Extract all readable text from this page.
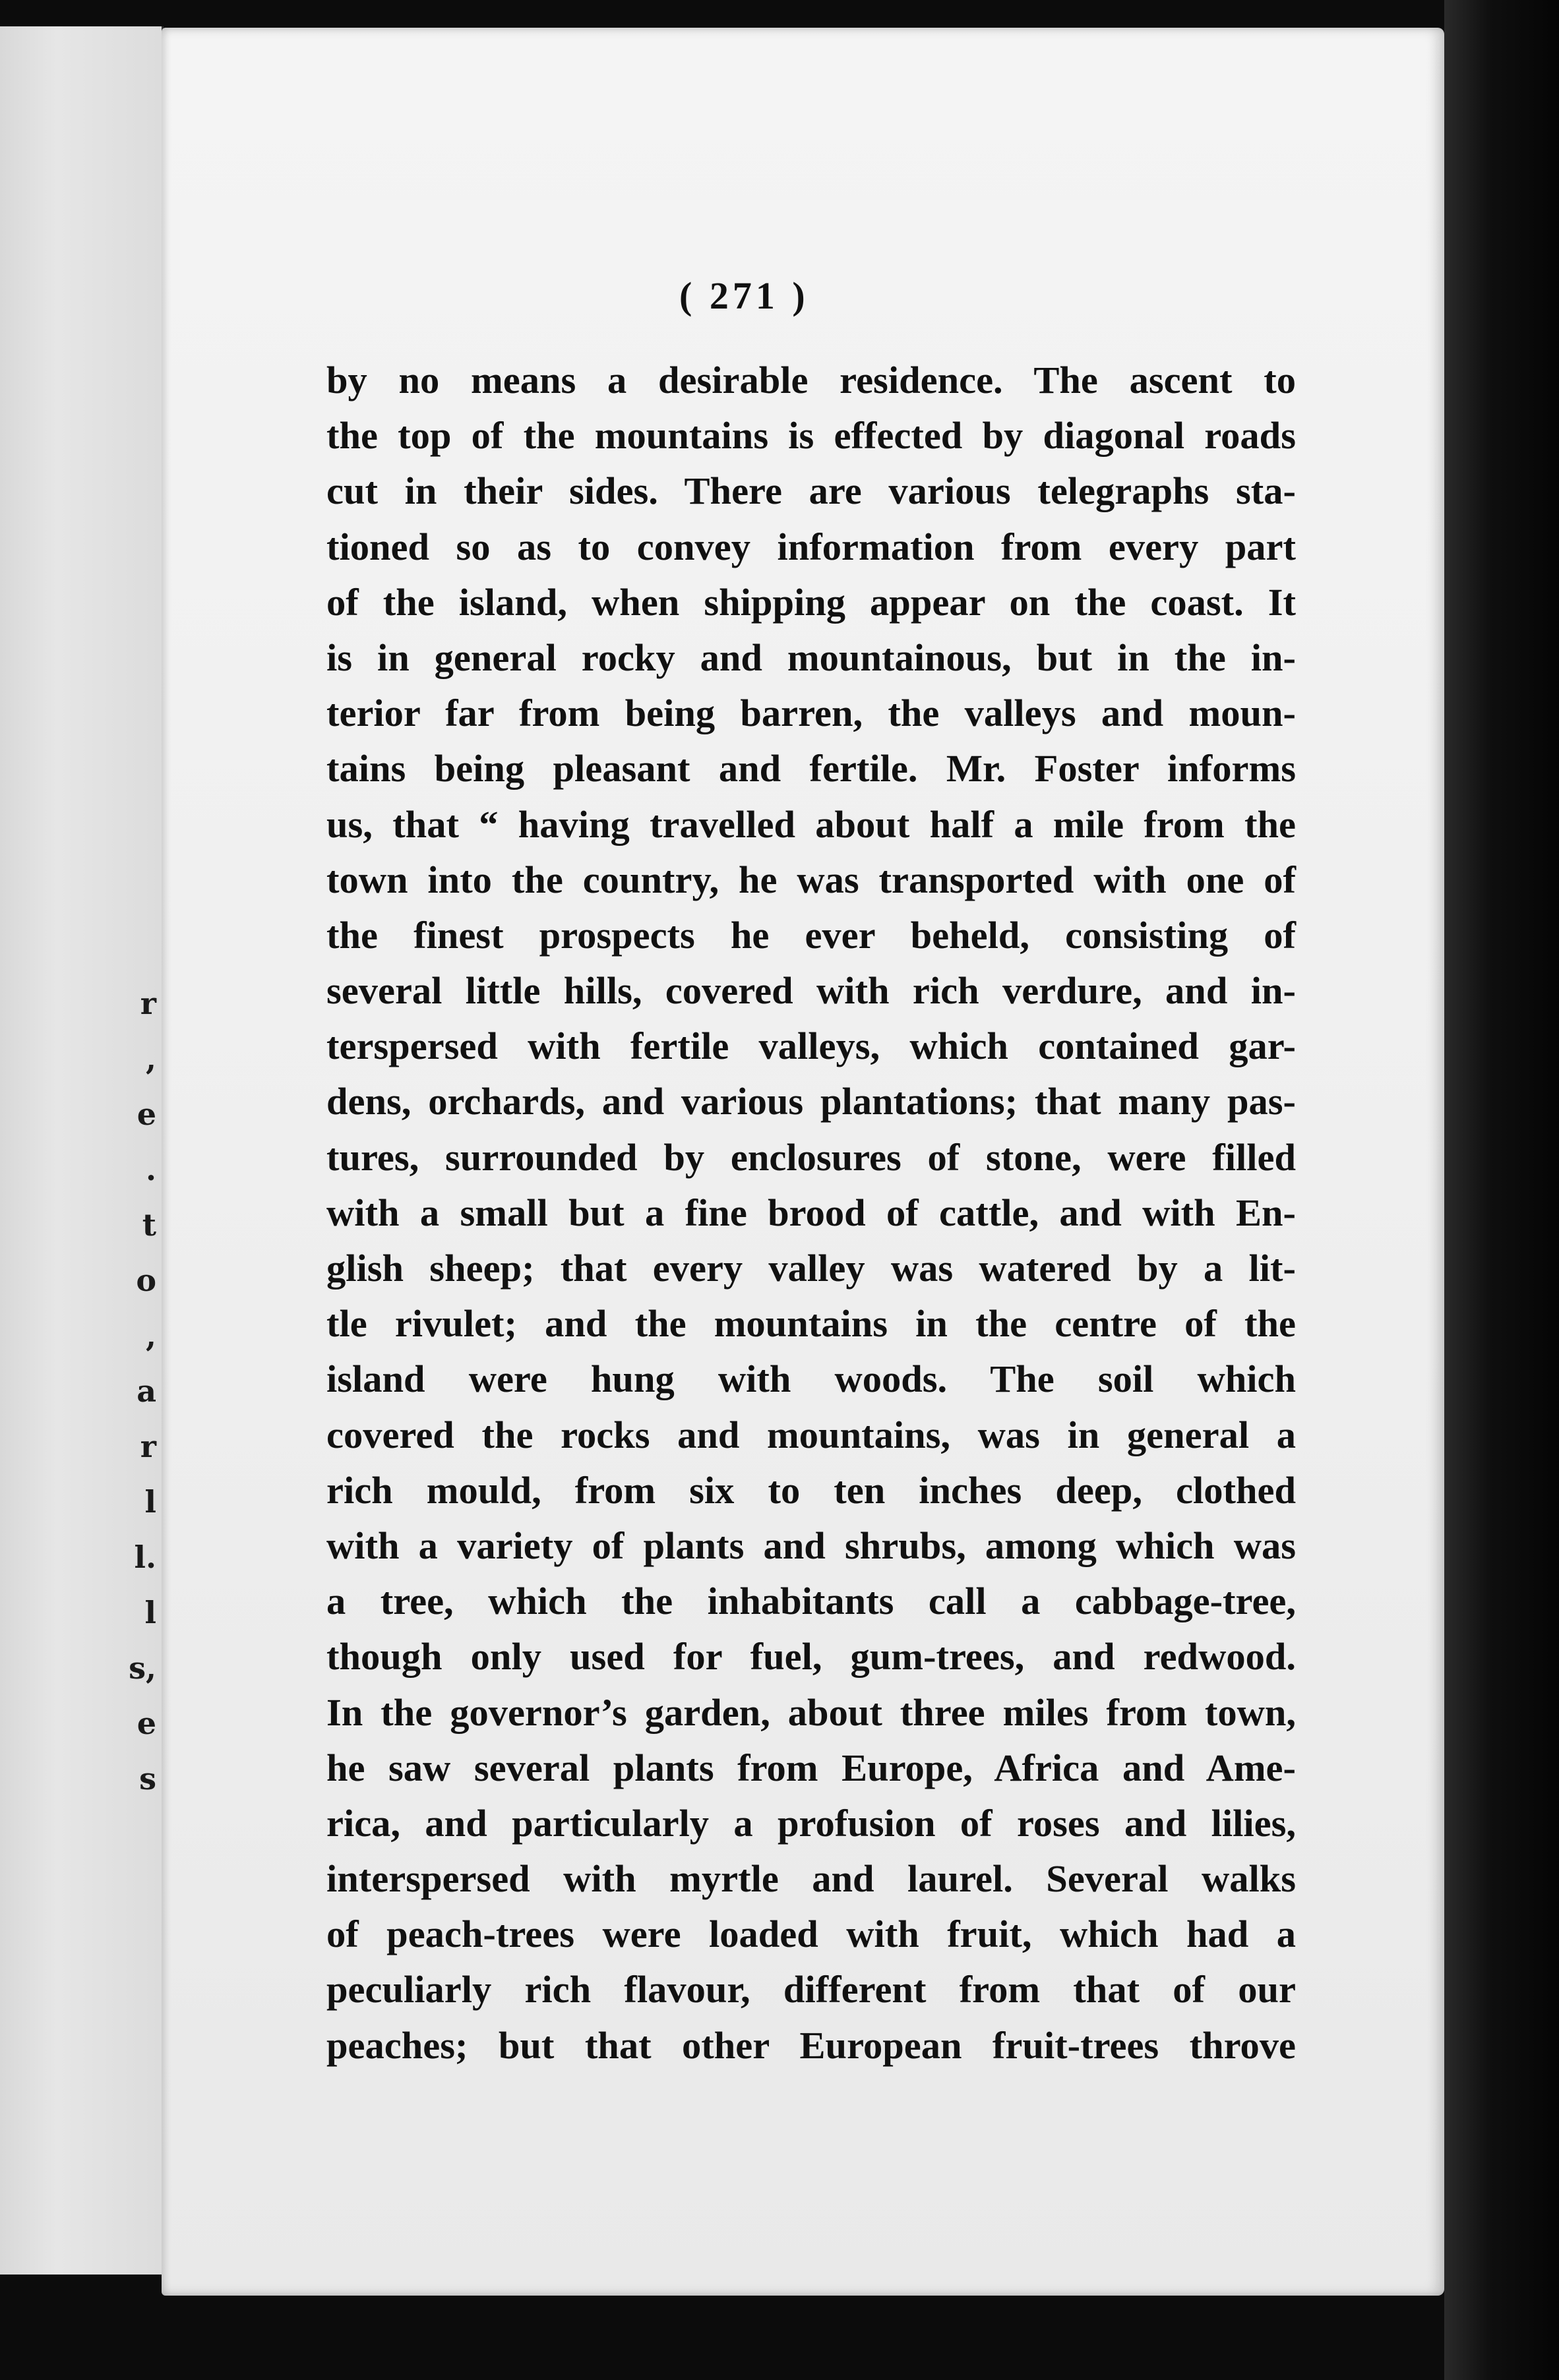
r
,
e
.
t
o
,
a
r
l
l.
l
s,
e
s
( 271 )
by no means a desirable residence. The ascent to
the top of the mountains is effected by diagonal roads
cut in their sides. There are various telegraphs sta-
tioned so as to convey information from every part
of the island, when shipping appear on the coast. It
is in general rocky and mountainous, but in the in-
terior far from being barren, the valleys and moun-
tains being pleasant and fertile. Mr. Foster informs
us, that “ having travelled about half a mile from the
town into the country, he was transported with one of
the finest prospects he ever beheld, consisting of
several little hills, covered with rich verdure, and in-
terspersed with fertile valleys, which contained gar-
dens, orchards, and various plantations; that many pas-
tures, surrounded by enclosures of stone, were filled
with a small but a fine brood of cattle, and with En-
glish sheep; that every valley was watered by a lit-
tle rivulet; and the mountains in the centre of the
island were hung with woods. The soil which
covered the rocks and mountains, was in general a
rich mould, from six to ten inches deep, clothed
with a variety of plants and shrubs, among which was
a tree, which the inhabitants call a cabbage-tree,
though only used for fuel, gum-trees, and redwood.
In the governor’s garden, about three miles from town,
he saw several plants from Europe, Africa and Ame-
rica, and particularly a profusion of roses and lilies,
interspersed with myrtle and laurel. Several walks
of peach-trees were loaded with fruit, which had a
peculiarly rich flavour, different from that of our
peaches; but that other European fruit-trees throve
